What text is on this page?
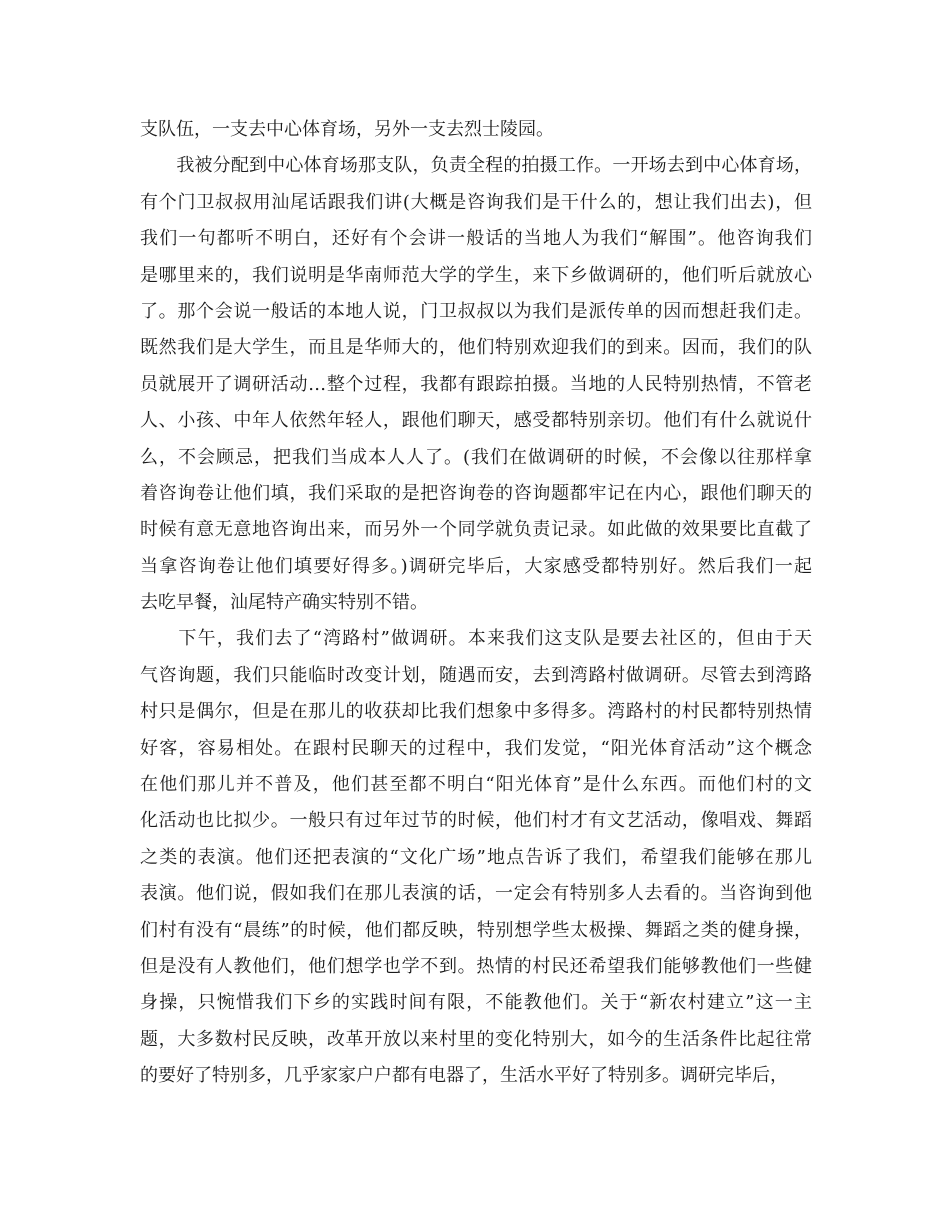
支队伍，一支去中心体育场，另外一支去烈士陵园。
　　我被分配到中心体育场那支队，负责全程的拍摄工作。一开场去到中心体育场，
有个门卫叔叔用汕尾话跟我们讲(大概是咨询我们是干什么的，想让我们出去)，但
我们一句都听不明白，还好有个会讲一般话的当地人为我们“解围”。他咨询我们
是哪里来的，我们说明是华南师范大学的学生，来下乡做调研的，他们听后就放心
了。那个会说一般话的本地人说，门卫叔叔以为我们是派传单的因而想赶我们走。
既然我们是大学生，而且是华师大的，他们特别欢迎我们的到来。因而，我们的队
员就展开了调研活动…整个过程，我都有跟踪拍摄。当地的人民特别热情，不管老
人、小孩、中年人依然年轻人，跟他们聊天，感受都特别亲切。他们有什么就说什
么，不会顾忌，把我们当成本人人了。(我们在做调研的时候，不会像以往那样拿
着咨询卷让他们填，我们采取的是把咨询卷的咨询题都牢记在内心，跟他们聊天的
时候有意无意地咨询出来，而另外一个同学就负责记录。如此做的效果要比直截了
当拿咨询卷让他们填要好得多。)调研完毕后，大家感受都特别好。然后我们一起
去吃早餐，汕尾特产确实特别不错。
　　下午，我们去了“湾路村”做调研。本来我们这支队是要去社区的，但由于天
气咨询题，我们只能临时改变计划，随遇而安，去到湾路村做调研。尽管去到湾路
村只是偶尔，但是在那儿的收获却比我们想象中多得多。湾路村的村民都特别热情
好客，容易相处。在跟村民聊天的过程中，我们发觉，“阳光体育活动”这个概念
在他们那儿并不普及，他们甚至都不明白“阳光体育”是什么东西。而他们村的文
化活动也比拟少。一般只有过年过节的时候，他们村才有文艺活动，像唱戏、舞蹈
之类的表演。他们还把表演的“文化广场”地点告诉了我们，希望我们能够在那儿
表演。他们说，假如我们在那儿表演的话，一定会有特别多人去看的。当咨询到他
们村有没有“晨练”的时候，他们都反映，特别想学些太极操、舞蹈之类的健身操，
但是没有人教他们，他们想学也学不到。热情的村民还希望我们能够教他们一些健
身操，只惋惜我们下乡的实践时间有限，不能教他们。关于“新农村建立”这一主
题，大多数村民反映，改革开放以来村里的变化特别大，如今的生活条件比起往常
的要好了特别多，几乎家家户户都有电器了，生活水平好了特别多。调研完毕后，
